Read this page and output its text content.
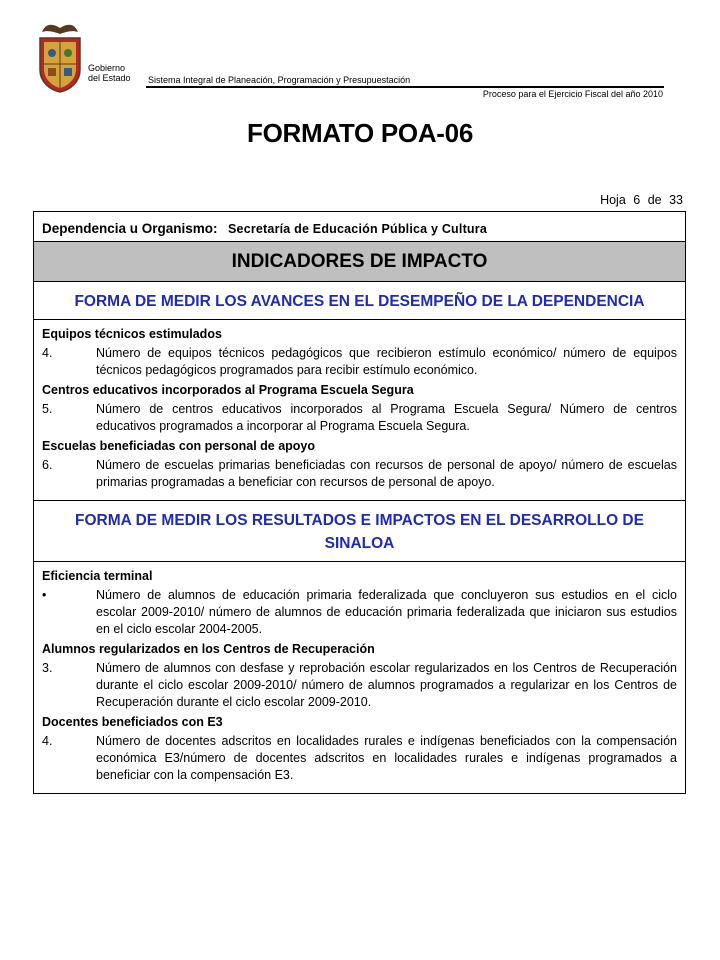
Gobierno
del Estado Sistema Integral de Planeación, Programación y Presupuestación
Proceso para el Ejercicio Fiscal del año 2010
FORMATO POA-06
Hoja 6 de 33
Dependencia u Organismo: Secretaría de Educación Pública y Cultura
INDICADORES DE IMPACTO
FORMA DE MEDIR LOS AVANCES EN EL DESEMPEÑO DE LA DEPENDENCIA
Equipos técnicos estimulados
4.	Número de equipos técnicos pedagógicos que recibieron estímulo económico/ número de equipos técnicos pedagógicos programados para recibir estímulo económico.
Centros educativos incorporados al Programa Escuela Segura
5.	Número de centros educativos incorporados al Programa Escuela Segura/ Número de centros educativos programados a incorporar al Programa Escuela Segura.
Escuelas beneficiadas con personal de apoyo
6.	Número de escuelas primarias beneficiadas con recursos de personal de apoyo/ número de escuelas primarias programadas a beneficiar con recursos de personal de apoyo.
FORMA DE MEDIR LOS RESULTADOS E IMPACTOS EN EL DESARROLLO DE SINALOA
Eficiencia terminal
•	Número de alumnos de educación primaria federalizada que concluyeron sus estudios en el ciclo escolar 2009-2010/ número de alumnos de educación primaria federalizada que iniciaron sus estudios en el ciclo escolar 2004-2005.
Alumnos regularizados en los Centros de Recuperación
3.	Número de alumnos con desfase y reprobación escolar regularizados en los Centros de Recuperación durante el ciclo escolar 2009-2010/ número de alumnos programados a regularizar en los Centros de Recuperación durante el ciclo escolar 2009-2010.
Docentes beneficiados con E3
4.	Número de docentes adscritos en localidades rurales e indígenas beneficiados con la compensación económica E3/número de docentes adscritos en localidades rurales e indígenas programados a beneficiar con la compensación E3.
